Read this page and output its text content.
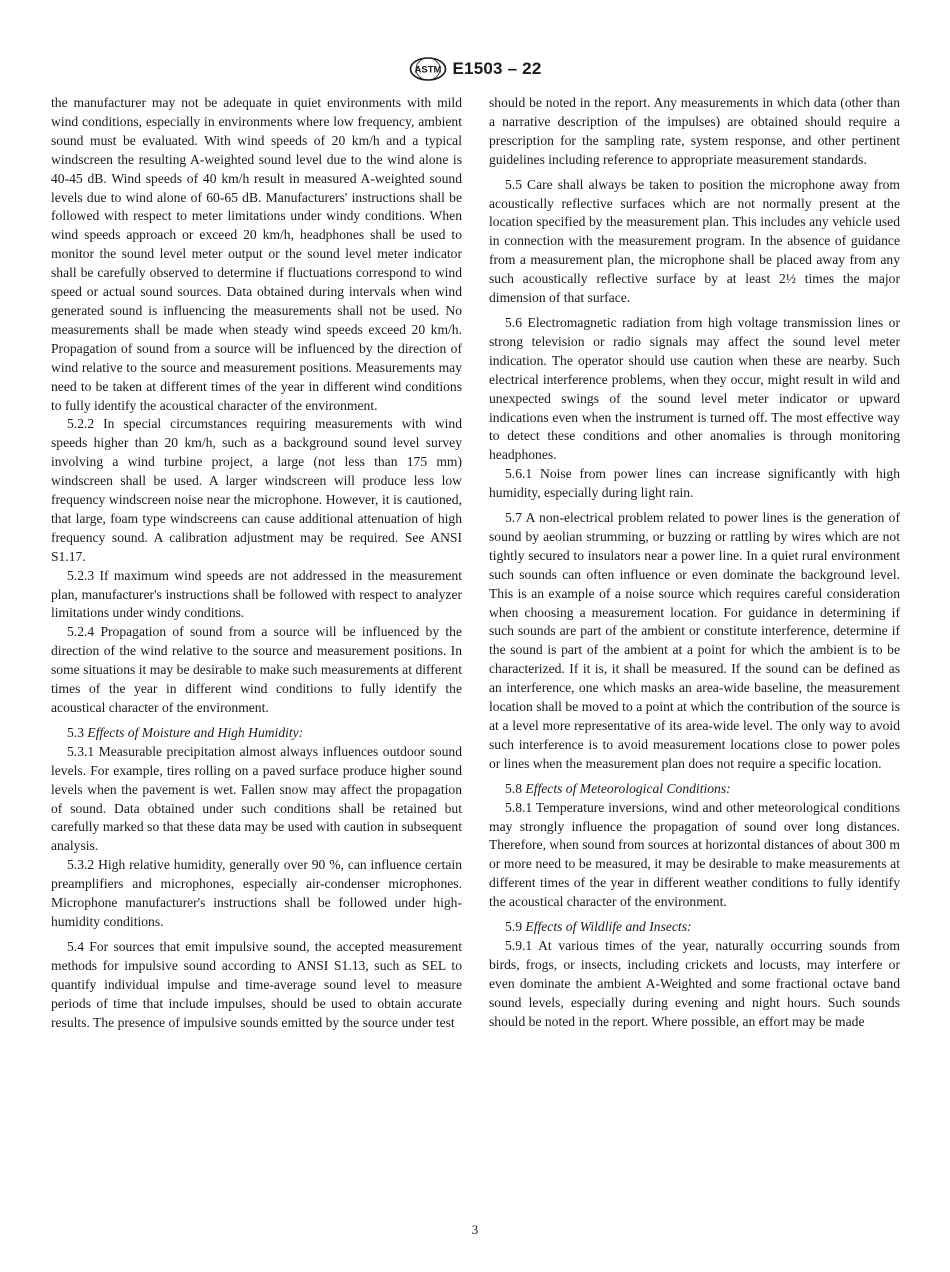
ASTM E1503 – 22

the manufacturer may not be adequate in quiet environments with mild wind conditions, especially in environments where low frequency, ambient sound must be evaluated. With wind speeds of 20 km/h and a typical windscreen the resulting A-weighted sound level due to the wind alone is 40-45 dB. Wind speeds of 40 km/h result in measured A-weighted sound levels due to wind alone of 60-65 dB. Manufacturers' instructions shall be followed with respect to meter limitations under windy conditions. When wind speeds approach or exceed 20 km/h, headphones shall be used to monitor the sound level meter output or the sound level meter indicator shall be carefully observed to determine if fluctuations correspond to wind speed or actual sound sources. Data obtained during intervals when wind generated sound is influencing the measurements shall not be used. No measurements shall be made when steady wind speeds exceed 20 km/h. Propagation of sound from a source will be influenced by the direction of wind relative to the source and measurement positions. Measurements may need to be taken at different times of the year in different wind conditions to fully identify the acoustical character of the environment.

5.2.2 In special circumstances requiring measurements with wind speeds higher than 20 km/h, such as a background sound level survey involving a wind turbine project, a large (not less than 175 mm) windscreen shall be used. A larger windscreen will produce less low frequency windscreen noise near the microphone. However, it is cautioned, that large, foam type windscreens can cause additional attenuation of high frequency sound. A calibration adjustment may be required. See ANSI S1.17.

5.2.3 If maximum wind speeds are not addressed in the measurement plan, manufacturer's instructions shall be followed with respect to analyzer limitations under windy conditions.

5.2.4 Propagation of sound from a source will be influenced by the direction of the wind relative to the source and measurement positions. In some situations it may be desirable to make such measurements at different times of the year in different wind conditions to fully identify the acoustical character of the environment.

5.3 Effects of Moisture and High Humidity:

5.3.1 Measurable precipitation almost always influences outdoor sound levels. For example, tires rolling on a paved surface produce higher sound levels when the pavement is wet. Fallen snow may affect the propagation of sound. Data obtained under such conditions shall be retained but carefully marked so that these data may be used with caution in subsequent analysis.

5.3.2 High relative humidity, generally over 90 %, can influence certain preamplifiers and microphones, especially air-condenser microphones. Microphone manufacturer's instructions shall be followed under high-humidity conditions.

5.4 For sources that emit impulsive sound, the accepted measurement methods for impulsive sound according to ANSI S1.13, such as SEL to quantify individual impulse and time-average sound level to measure periods of time that include impulses, should be used to obtain accurate results. The presence of impulsive sounds emitted by the source under test

should be noted in the report. Any measurements in which data (other than a narrative description of the impulses) are obtained should require a prescription for the sampling rate, system response, and other pertinent guidelines including reference to appropriate measurement standards.

5.5 Care shall always be taken to position the microphone away from acoustically reflective surfaces which are not normally present at the location specified by the measurement plan. This includes any vehicle used in connection with the measurement program. In the absence of guidance from a measurement plan, the microphone shall be placed away from any such acoustically reflective surface by at least 2½ times the major dimension of that surface.

5.6 Electromagnetic radiation from high voltage transmission lines or strong television or radio signals may affect the sound level meter indication. The operator should use caution when these are nearby. Such electrical interference problems, when they occur, might result in wild and unexpected swings of the sound level meter indicator or upward indications even when the instrument is turned off. The most effective way to detect these conditions and other anomalies is through monitoring headphones.

5.6.1 Noise from power lines can increase significantly with high humidity, especially during light rain.

5.7 A non-electrical problem related to power lines is the generation of sound by aeolian strumming, or buzzing or rattling by wires which are not tightly secured to insulators near a power line. In a quiet rural environment such sounds can often influence or even dominate the background level. This is an example of a noise source which requires careful consideration when choosing a measurement location. For guidance in determining if such sounds are part of the ambient or constitute interference, determine if the sound is part of the ambient at a point for which the ambient is to be characterized. If it is, it shall be measured. If the sound can be defined as an interference, one which masks an area-wide baseline, the measurement location shall be moved to a point at which the contribution of the source is at a level more representative of its area-wide level. The only way to avoid such interference is to avoid measurement locations close to power poles or lines when the measurement plan does not require a specific location.

5.8 Effects of Meteorological Conditions:

5.8.1 Temperature inversions, wind and other meteorological conditions may strongly influence the propagation of sound over long distances. Therefore, when sound from sources at horizontal distances of about 300 m or more need to be measured, it may be desirable to make measurements at different times of the year in different weather conditions to fully identify the acoustical character of the environment.

5.9 Effects of Wildlife and Insects:

5.9.1 At various times of the year, naturally occurring sounds from birds, frogs, or insects, including crickets and locusts, may interfere or even dominate the ambient A-Weighted and some fractional octave band sound levels, especially during evening and night hours. Such sounds should be noted in the report. Where possible, an effort may be made

3
